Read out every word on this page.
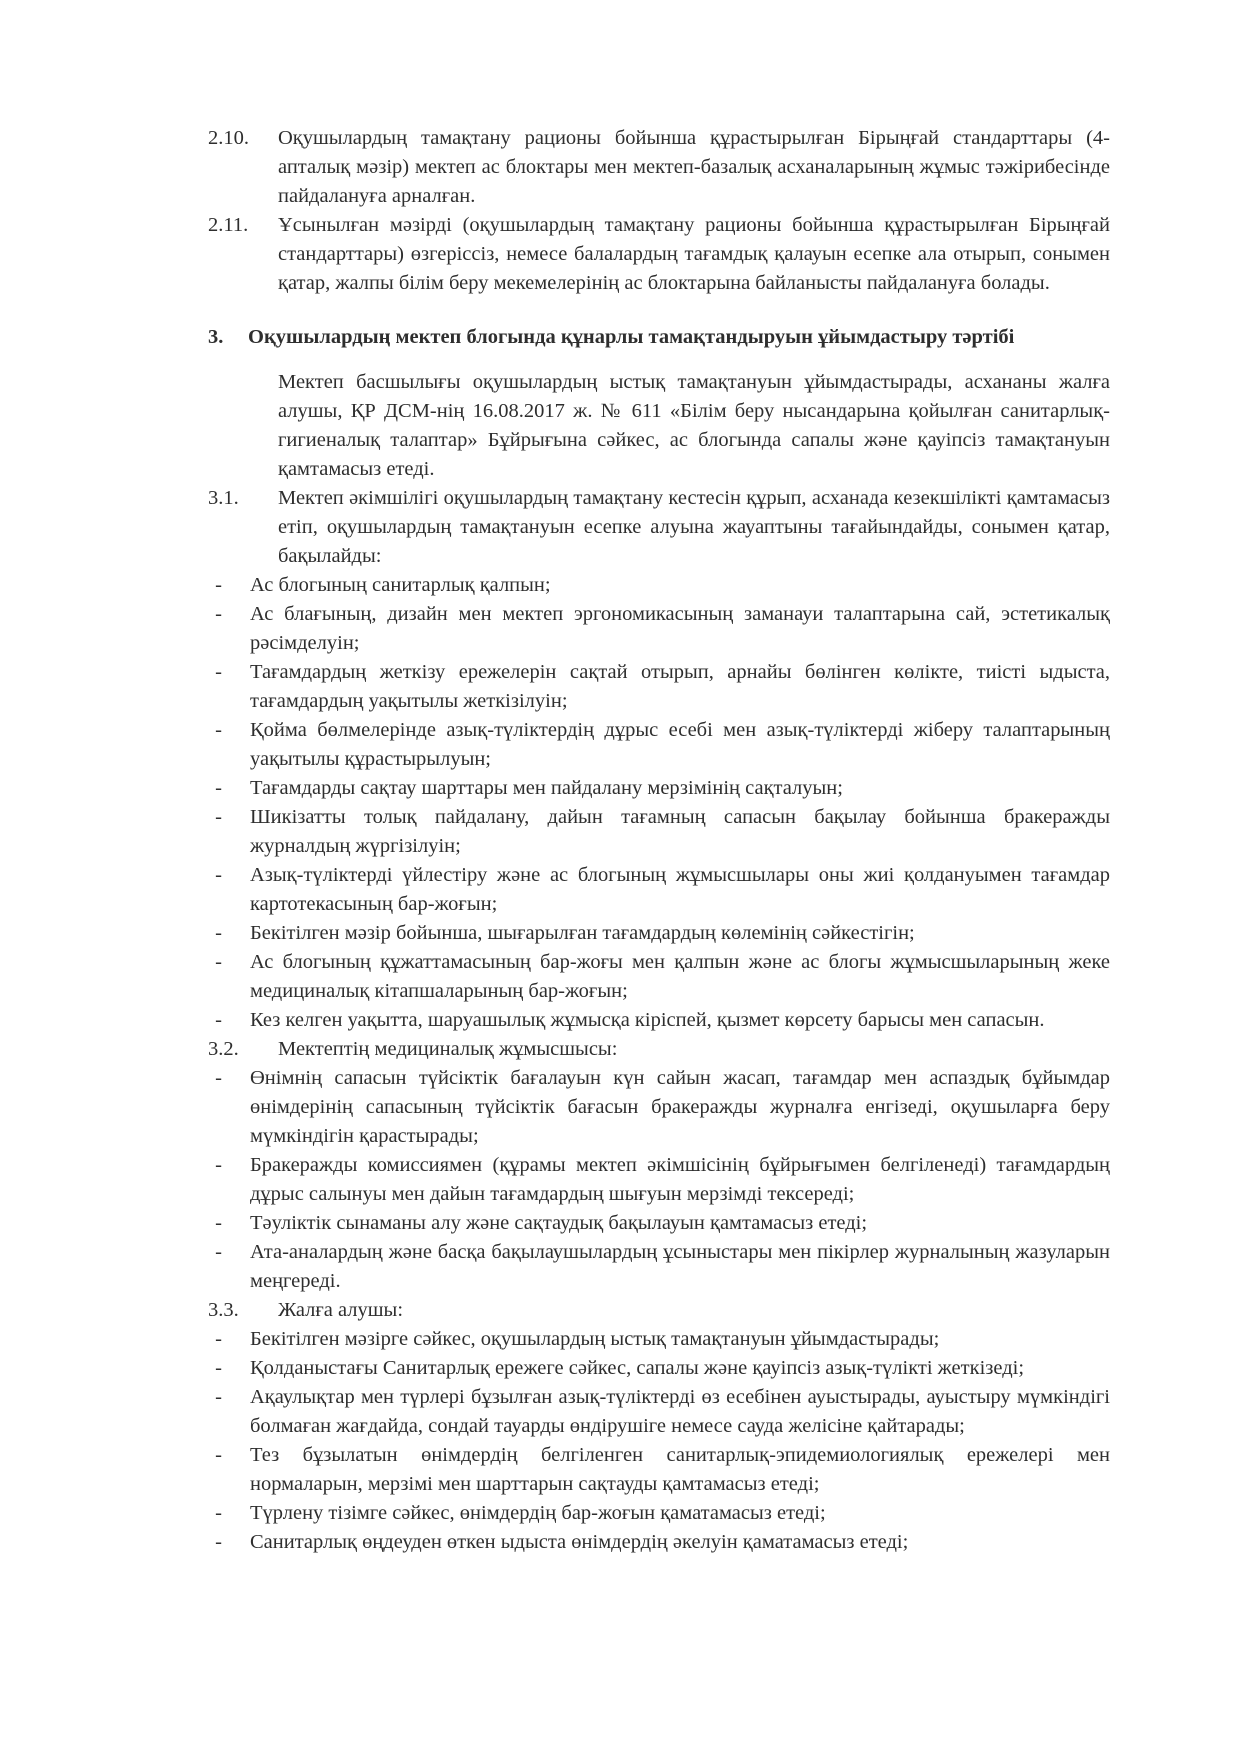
2.10.	Оқушылардың тамақтану рационы бойынша құрастырылған Бірыңғай стандарттары (4-апталық мәзір) мектеп ас блоктары мен мектеп-базалық асханаларының жұмыс тәжірибесінде пайдалануға арналған.
2.11.	Ұсынылған мәзірді (оқушылардың тамақтану рационы бойынша құрастырылған Бірыңғай стандарттары) өзгеріссіз, немесе балалардың тағамдық қалауын есепке ала отырып, сонымен қатар, жалпы білім беру мекемелерінің ас блоктарына байланысты пайдалануға болады.
3.	Оқушылардың мектеп блогында құнарлы тамақтандыруын ұйымдастыру тәртібі
Мектеп басшылығы оқушылардың ыстық тамақтануын ұйымдастырады, асхананы жалға алушы, ҚР ДСМ-нің 16.08.2017 ж. № 611 «Білім беру нысандарына қойылған санитарлық-гигиеналық талаптар» Бұйрығына сәйкес, ас блогында сапалы және қауіпсіз тамақтануын қамтамасыз етеді.
3.1.	Мектеп әкімшілігі оқушылардың тамақтану кестесін құрып, асханада кезекшілікті қамтамасыз етіп, оқушылардың тамақтануын есепке алуына жауаптыны тағайындайды, сонымен қатар, бақылайды:
-	Ас блогының санитарлық қалпын;
-	Ас блағының, дизайн мен мектеп эргономикасының заманауи талаптарына сай, эстетикалық рәсімделуін;
-	Тағамдардың жеткізу ережелерін сақтай отырып, арнайы бөлінген көлікте, тиісті ыдыста, тағамдардың уақытылы жеткізілуін;
-	Қойма бөлмелерінде азық-түліктердің дұрыс есебі мен азық-түліктерді жіберу талаптарының уақытылы құрастырылуын;
-	Тағамдарды сақтау шарттары мен пайдалану мерзімінің сақталуын;
-	Шикізатты толық пайдалану, дайын тағамның сапасын бақылау бойынша бракеражды журналдың жүргізілуін;
-	Азық-түліктерді үйлестіру және ас блогының жұмысшылары оны жиі қолдануымен тағамдар картотекасының бар-жоғын;
-	Бекітілген мәзір бойынша, шығарылған тағамдардың көлемінің сәйкестігін;
-	Ас блогының құжаттамасының бар-жоғы мен қалпын және ас блогы жұмысшыларының жеке медициналық кітапшаларының бар-жоғын;
-	Кез келген уақытта, шаруашылық жұмысқа кіріспей, қызмет көрсету барысы мен сапасын.
3.2.	Мектептің медициналық жұмысшысы:
-	Өнімнің сапасын түйсіктік бағалауын күн сайын жасап, тағамдар мен аспаздық бұйымдар өнімдерінің сапасының түйсіктік бағасын бракеражды журналға енгізеді, оқушыларға беру мүмкіндігін қарастырады;
-	Бракеражды комиссиямен (құрамы мектеп әкімшісінің бұйрығымен белгіленеді) тағамдардың дұрыс салынуы мен дайын тағамдардың шығуын мерзімді тексереді;
-	Тәуліктік сынаманы алу және сақтаудық бақылауын қамтамасыз етеді;
-	Ата-аналардың және басқа бақылаушылардың ұсыныстары мен пікірлер журналының жазуларын меңгереді.
3.3.	Жалға алушы:
-	Бекітілген мәзірге сәйкес, оқушылардың ыстық тамақтануын ұйымдастырады;
-	Қолданыстағы Санитарлық ережеге сәйкес, сапалы және қауіпсіз азық-түлікті жеткізеді;
-	Ақаулықтар мен түрлері бұзылған азық-түліктерді өз есебінен ауыстырады, ауыстыру мүмкіндігі болмаған жағдайда, сондай тауарды өндірушіге немесе сауда желісіне қайтарады;
-	Тез бұзылатын өнімдердің белгіленген санитарлық-эпидемиологиялық ережелері мен нормаларын, мерзімі мен шарттарын сақтауды қамтамасыз етеді;
-	Түрлену тізімге сәйкес, өнімдердің бар-жоғын қаматамасыз етеді;
-	Санитарлық өңдеуден өткен ыдыста өнімдердің әкелуін қаматамасыз етеді;
